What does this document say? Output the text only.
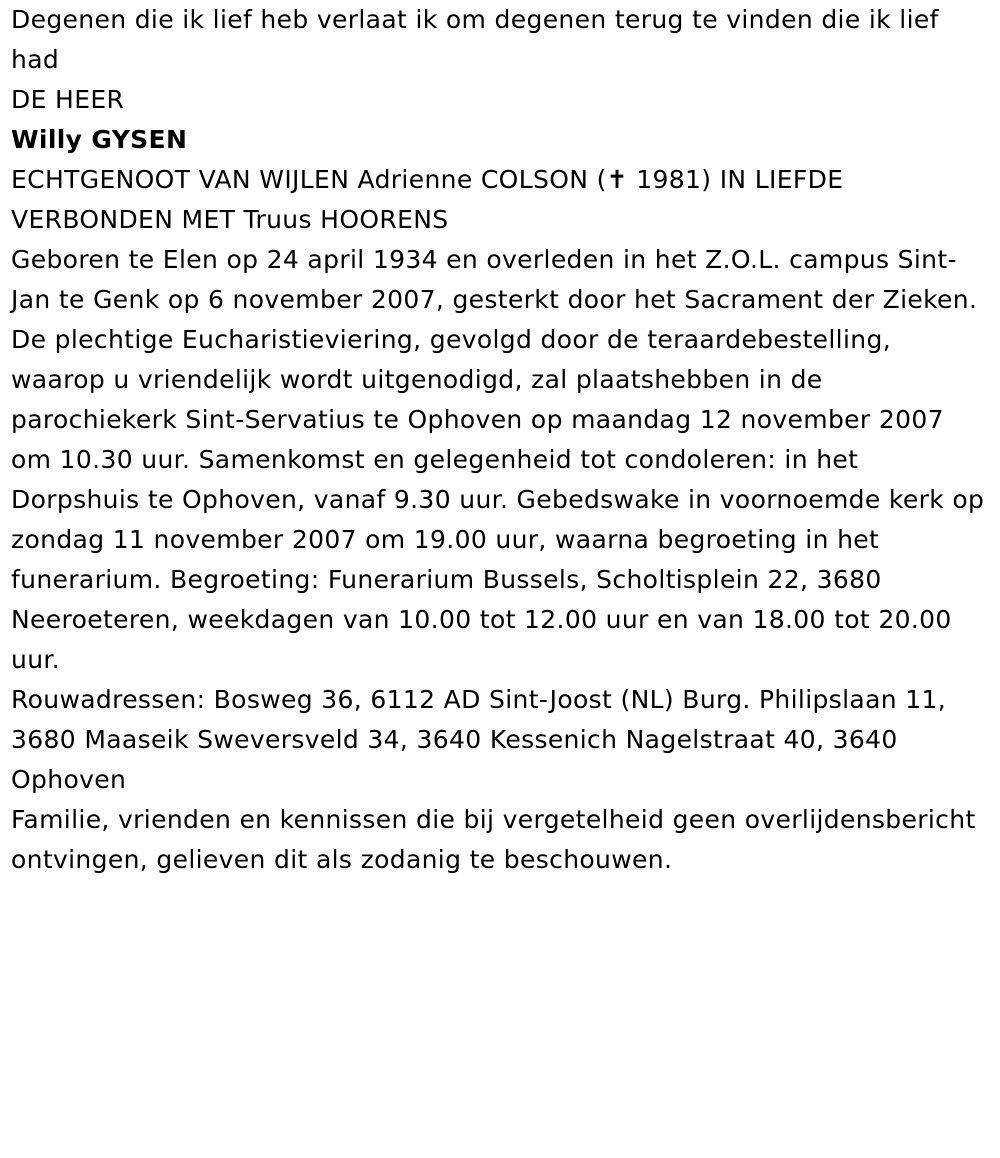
Degenen die ik lief heb verlaat ik om degenen terug te vinden die ik lief had

DE HEER

Willy GYSEN

ECHTGENOOT VAN WIJLEN Adrienne COLSON (✝ 1981) IN LIEFDE VERBONDEN MET Truus HOORENS

Geboren te Elen op 24 april 1934 en overleden in het Z.O.L. campus Sint-Jan te Genk op 6 november 2007, gesterkt door het Sacrament der Zieken.

De plechtige Eucharistieviering, gevolgd door de teraardebestelling, waarop u vriendelijk wordt uitgenodigd, zal plaatshebben in de parochiekerk Sint-Servatius te Ophoven op maandag 12 november 2007 om 10.30 uur. Samenkomst en gelegenheid tot condoleren: in het Dorpshuis te Ophoven, vanaf 9.30 uur. Gebedswake in voornoemde kerk op zondag 11 november 2007 om 19.00 uur, waarna begroeting in het funerarium. Begroeting: Funerarium Bussels, Scholtisplein 22, 3680 Neeroeteren, weekdagen van 10.00 tot 12.00 uur en van 18.00 tot 20.00 uur.

Rouwadressen: Bosweg 36, 6112 AD Sint-Joost (NL) Burg. Philipslaan 11, 3680 Maaseik Sweversveld 34, 3640 Kessenich Nagelstraat 40, 3640 Ophoven

Familie, vrienden en kennissen die bij vergetelheid geen overlijdensbericht ontvingen, gelieven dit als zodanig te beschouwen.
